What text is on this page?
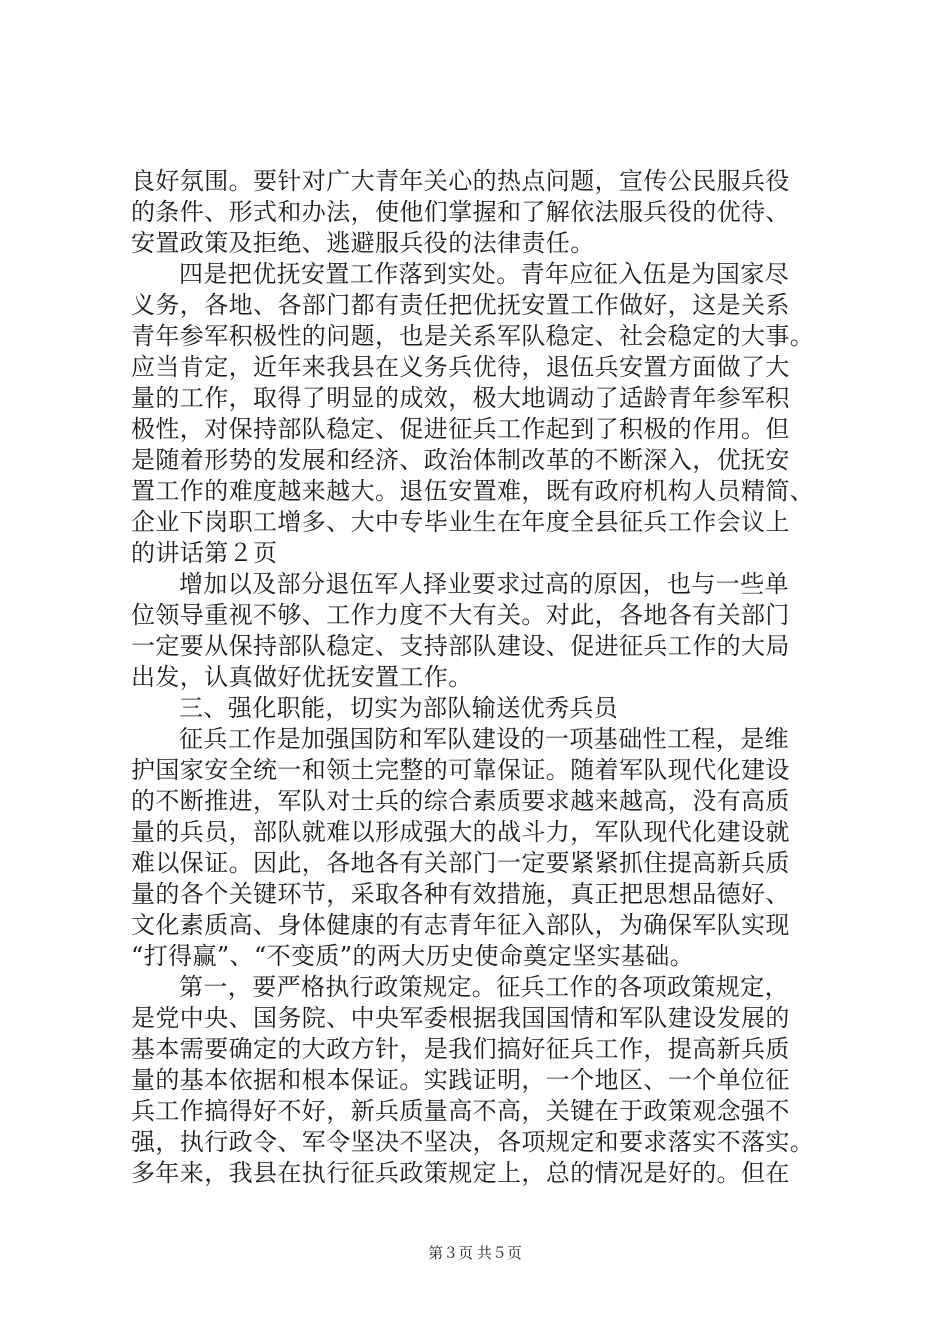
良好氛围。要针对广大青年关心的热点问题，宣传公民服兵役
的条件、形式和办法，使他们掌握和了解依法服兵役的优待、
安置政策及拒绝、逃避服兵役的法律责任。
四是把优抚安置工作落到实处。青年应征入伍是为国家尽
义务，各地、各部门都有责任把优抚安置工作做好，这是关系
青年参军积极性的问题，也是关系军队稳定、社会稳定的大事。
应当肯定，近年来我县在义务兵优待，退伍兵安置方面做了大
量的工作，取得了明显的成效，极大地调动了适龄青年参军积
极性，对保持部队稳定、促进征兵工作起到了积极的作用。但
是随着形势的发展和经济、政治体制改革的不断深入，优抚安
置工作的难度越来越大。退伍安置难，既有政府机构人员精简、
企业下岗职工增多、大中专毕业生在年度全县征兵工作会议上
的讲话第２页
增加以及部分退伍军人择业要求过高的原因，也与一些单
位领导重视不够、工作力度不大有关。对此，各地各有关部门
一定要从保持部队稳定、支持部队建设、促进征兵工作的大局
出发，认真做好优抚安置工作。
三、强化职能，切实为部队输送优秀兵员
征兵工作是加强国防和军队建设的一项基础性工程，是维
护国家安全统一和领土完整的可靠保证。随着军队现代化建设
的不断推进，军队对士兵的综合素质要求越来越高，没有高质
量的兵员，部队就难以形成强大的战斗力，军队现代化建设就
难以保证。因此，各地各有关部门一定要紧紧抓住提高新兵质
量的各个关键环节，采取各种有效措施，真正把思想品德好、
文化素质高、身体健康的有志青年征入部队，为确保军队实现
“打得赢”、“不变质”的两大历史使命奠定坚实基础。
第一，要严格执行政策规定。征兵工作的各项政策规定，
是党中央、国务院、中央军委根据我国国情和军队建设发展的
基本需要确定的大政方针，是我们搞好征兵工作，提高新兵质
量的基本依据和根本保证。实践证明，一个地区、一个单位征
兵工作搞得好不好，新兵质量高不高，关键在于政策观念强不
强，执行政令、军令坚决不坚决，各项规定和要求落实不落实。
多年来，我县在执行征兵政策规定上，总的情况是好的。但在
第３页 共５页
